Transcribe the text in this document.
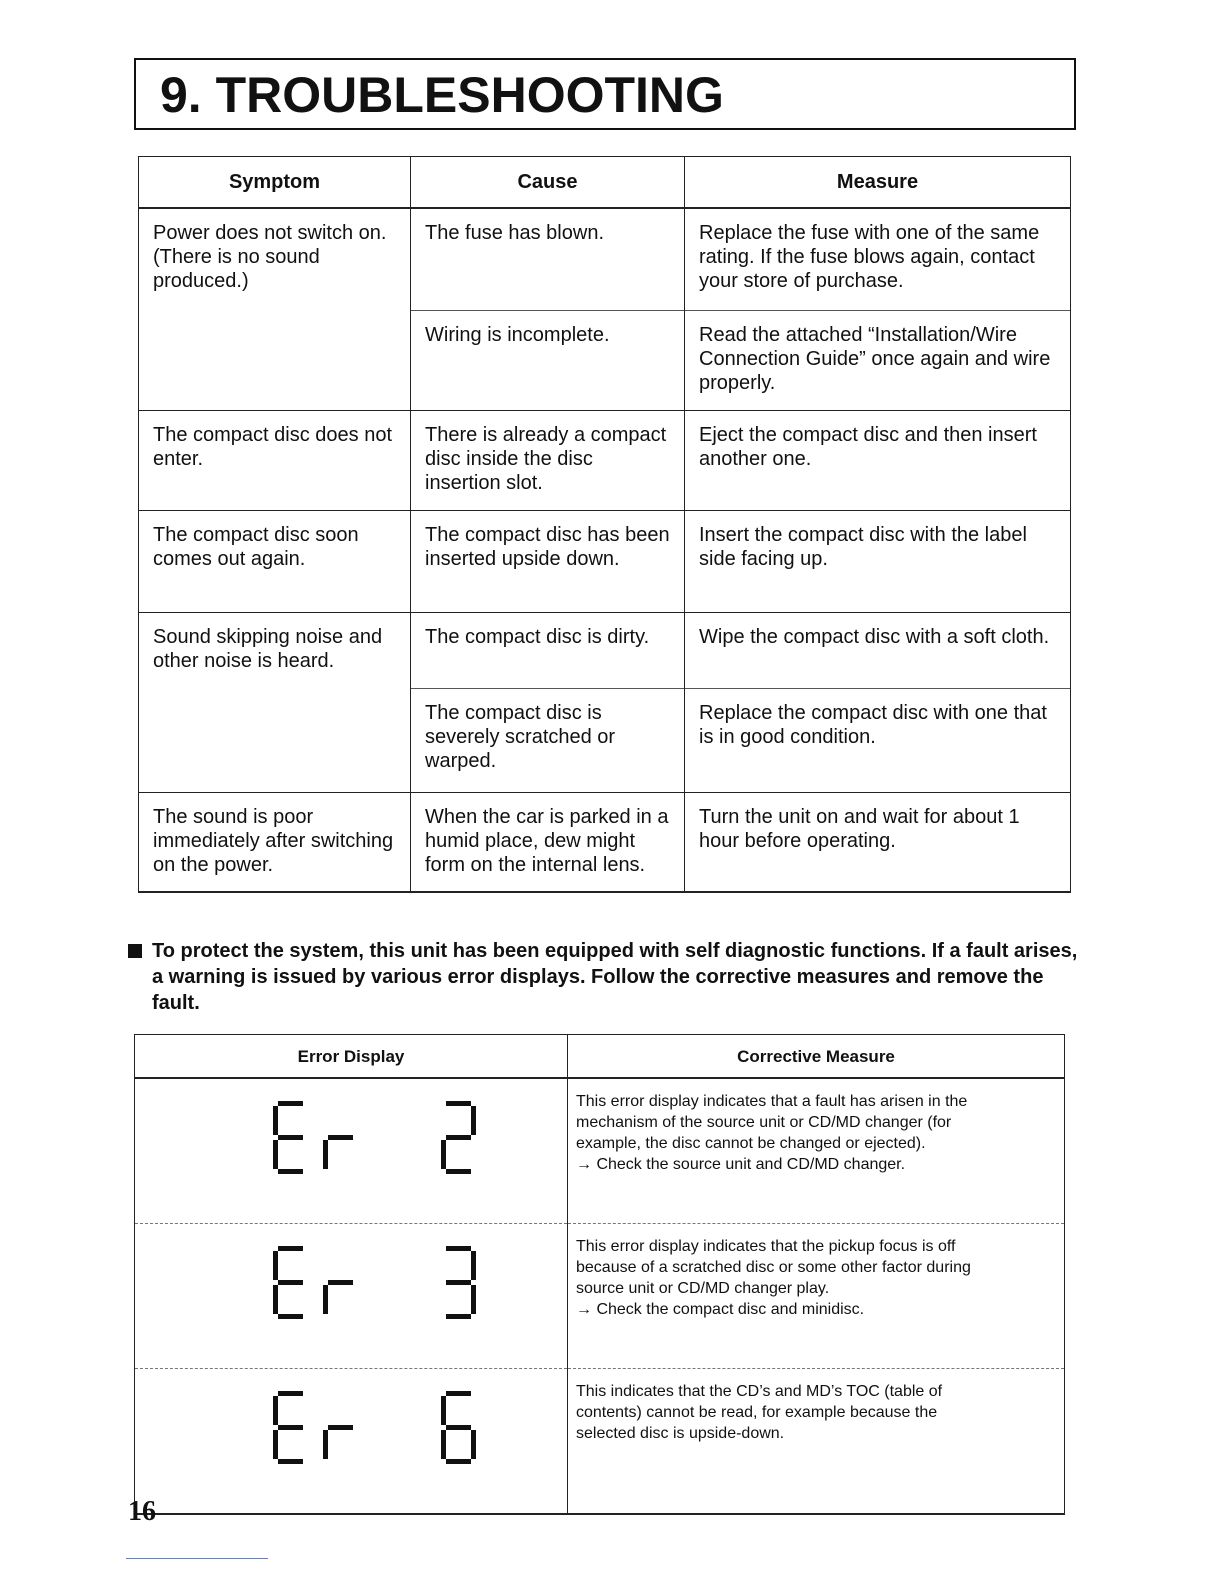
9. TROUBLESHOOTING
Symptom	Cause	Measure
Power does not switch on. (There is no sound produced.)	The fuse has blown.	Replace the fuse with one of the same rating. If the fuse blows again, contact your store of purchase.
	Wiring is incomplete.	Read the attached “Installation/Wire Connection Guide” once again and wire properly.
The compact disc does not enter.	There is already a compact disc inside the disc insertion slot.	Eject the compact disc and then insert another one.
The compact disc soon comes out again.	The compact disc has been inserted upside down.	Insert the compact disc with the label side facing up.
Sound skipping noise and other noise is heard.	The compact disc is dirty.	Wipe the compact disc with a soft cloth.
	The compact disc is severely scratched or warped.	Replace the compact disc with one that is in good condition.
The sound is poor immediately after switching on the power.	When the car is parked in a humid place, dew might form on the internal lens.	Turn the unit on and wait for about 1 hour before operating.
To protect the system, this unit has been equipped with self diagnostic functions. If a fault arises, a warning is issued by various error displays. Follow the corrective measures and remove the fault.
Error Display	Corrective Measure

This error display indicates that a fault has arisen in the
mechanism of the source unit or CD/MD changer (for
example, the disc cannot be changed or ejected).
→ Check the source unit and CD/MD changer.

This error display indicates that the pickup focus is off
because of a scratched disc or some other factor during
source unit or CD/MD changer play.
→ Check the compact disc and minidisc.

This indicates that the CD’s and MD’s TOC (table of
contents) cannot be read, for example because the
selected disc is upside-down.
16
